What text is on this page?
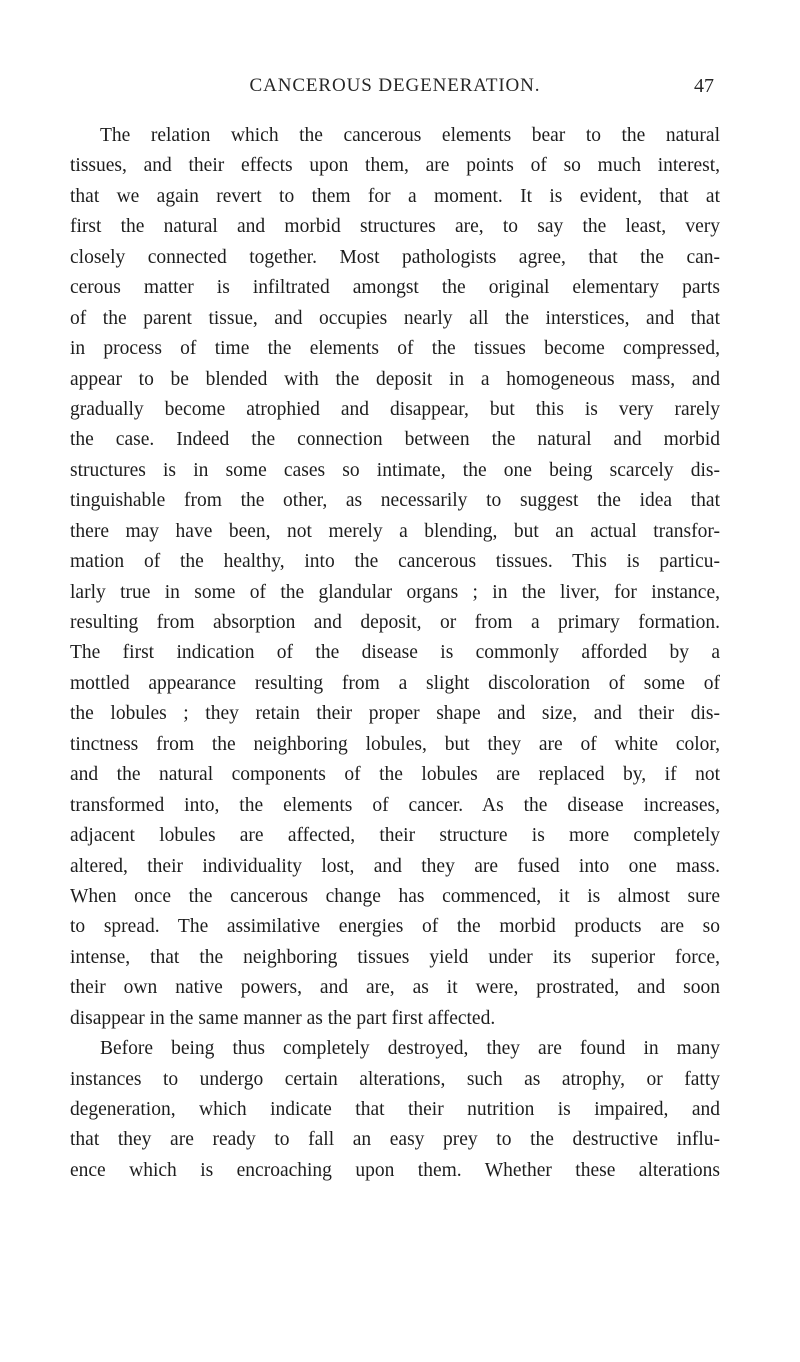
CANCEROUS DEGENERATION.	47
The relation which the cancerous elements bear to the natural
tissues, and their effects upon them, are points of so much interest,
that we again revert to them for a moment. It is evident, that at
first the natural and morbid structures are, to say the least, very
closely connected together. Most pathologists agree, that the can-
cerous matter is infiltrated amongst the original elementary parts
of the parent tissue, and occupies nearly all the interstices, and that
in process of time the elements of the tissues become compressed,
appear to be blended with the deposit in a homogeneous mass, and
gradually become atrophied and disappear, but this is very rarely
the case. Indeed the connection between the natural and morbid
structures is in some cases so intimate, the one being scarcely dis-
tinguishable from the other, as necessarily to suggest the idea that
there may have been, not merely a blending, but an actual transfor-
mation of the healthy, into the cancerous tissues. This is particu-
larly true in some of the glandular organs ; in the liver, for instance,
resulting from absorption and deposit, or from a primary formation.
The first indication of the disease is commonly afforded by a
mottled appearance resulting from a slight discoloration of some of
the lobules ; they retain their proper shape and size, and their dis-
tinctness from the neighboring lobules, but they are of white color,
and the natural components of the lobules are replaced by, if not
transformed into, the elements of cancer. As the disease increases,
adjacent lobules are affected, their structure is more completely
altered, their individuality lost, and they are fused into one mass.
When once the cancerous change has commenced, it is almost sure
to spread. The assimilative energies of the morbid products are so
intense, that the neighboring tissues yield under its superior force,
their own native powers, and are, as it were, prostrated, and soon
disappear in the same manner as the part first affected.
Before being thus completely destroyed, they are found in many
instances to undergo certain alterations, such as atrophy, or fatty
degeneration, which indicate that their nutrition is impaired, and
that they are ready to fall an easy prey to the destructive influ-
ence which is encroaching upon them. Whether these alterations
